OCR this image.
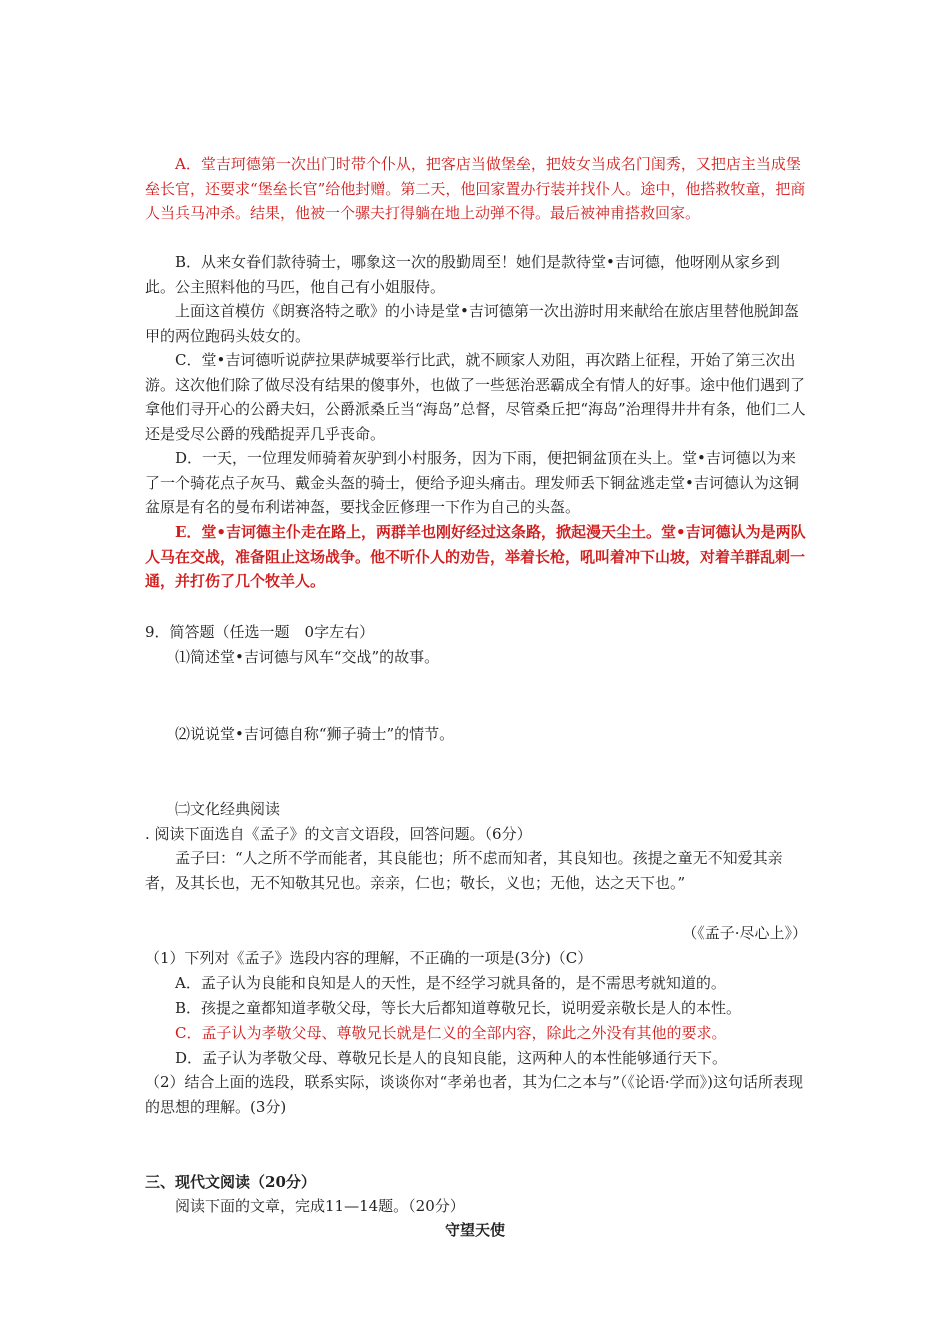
A．堂吉珂德第一次出门时带个仆从，把客店当做堡垒，把妓女当成名门闺秀，又把店主当成堡垒长官，还要求“堡垒长官”给他封赠。第二天，他回家置办行装并找仆人。途中，他搭救牧童，把商人当兵马冲杀。结果，他被一个骡夫打得躺在地上动弹不得。最后被神甫搭救回家。

B．从来女眷们款待骑士，哪象这一次的殷勤周至！她们是款待堂•吉诃德，他呀刚从家乡到此。公主照料他的马匹，他自己有小姐服侍。

上面这首模仿《朗赛洛特之歌》的小诗是堂•吉诃德第一次出游时用来献给在旅店里替他脱卸盔甲的两位跑码头妓女的。

C．堂•吉诃德听说萨拉果萨城要举行比武，就不顾家人劝阻，再次踏上征程，开始了第三次出游。这次他们除了做尽没有结果的傻事外，也做了一些惩治恶霸成全有情人的好事。途中他们遇到了拿他们寻开心的公爵夫妇，公爵派桑丘当“海岛”总督，尽管桑丘把“海岛”治理得井井有条，他们二人还是受尽公爵的残酷捉弄几乎丧命。

D．一天，一位理发师骑着灰驴到小村服务，因为下雨，便把铜盆顶在头上。堂•吉诃德以为来了一个骑花点子灰马、戴金头盔的骑士，便给予迎头痛击。理发师丢下铜盆逃走堂•吉诃德认为这铜盆原是有名的曼布利诺神盔，要找金匠修理一下作为自己的头盔。

E．堂•吉诃德主仆走在路上，两群羊也刚好经过这条路，掀起漫天尘土。堂•吉诃德认为是两队人马在交战，准备阻止这场战争。他不听仆人的劝告，举着长枪，吼叫着冲下山坡，对着羊群乱刺一通，并打伤了几个牧羊人。

9．简答题（任选一题　0字左右）
⑴简述堂•吉诃德与风车“交战”的故事。
⑵说说堂•吉诃德自称“狮子骑士”的情节。
㈡文化经典阅读
. 阅读下面选自《孟子》的文言文语段，回答问题。（6分）

孟子曰：“人之所不学而能者，其良能也；所不虑而知者，其良知也。孩提之童无不知爱其亲者，及其长也，无不知敬其兄也。亲亲，仁也；敬长，义也；无他，达之天下也。”

（《孟子·尽心上》）
（1）下列对《孟子》选段内容的理解，不正确的一项是(3分)（C）
A．孟子认为良能和良知是人的天性，是不经学习就具备的，是不需思考就知道的。
B．孩提之童都知道孝敬父母，等长大后都知道尊敬兄长，说明爱亲敬长是人的本性。
C．孟子认为孝敬父母、尊敬兄长就是仁义的全部内容，除此之外没有其他的要求。
D．孟子认为孝敬父母、尊敬兄长是人的良知良能，这两种人的本性能够通行天下。

（2）结合上面的选段，联系实际，谈谈你对“孝弟也者，其为仁之本与”（《论语·学而》)这句话所表现的思想的理解。(3分)

三、现代文阅读（20分）
阅读下面的文章，完成11—14题。（20分）
守望天使
